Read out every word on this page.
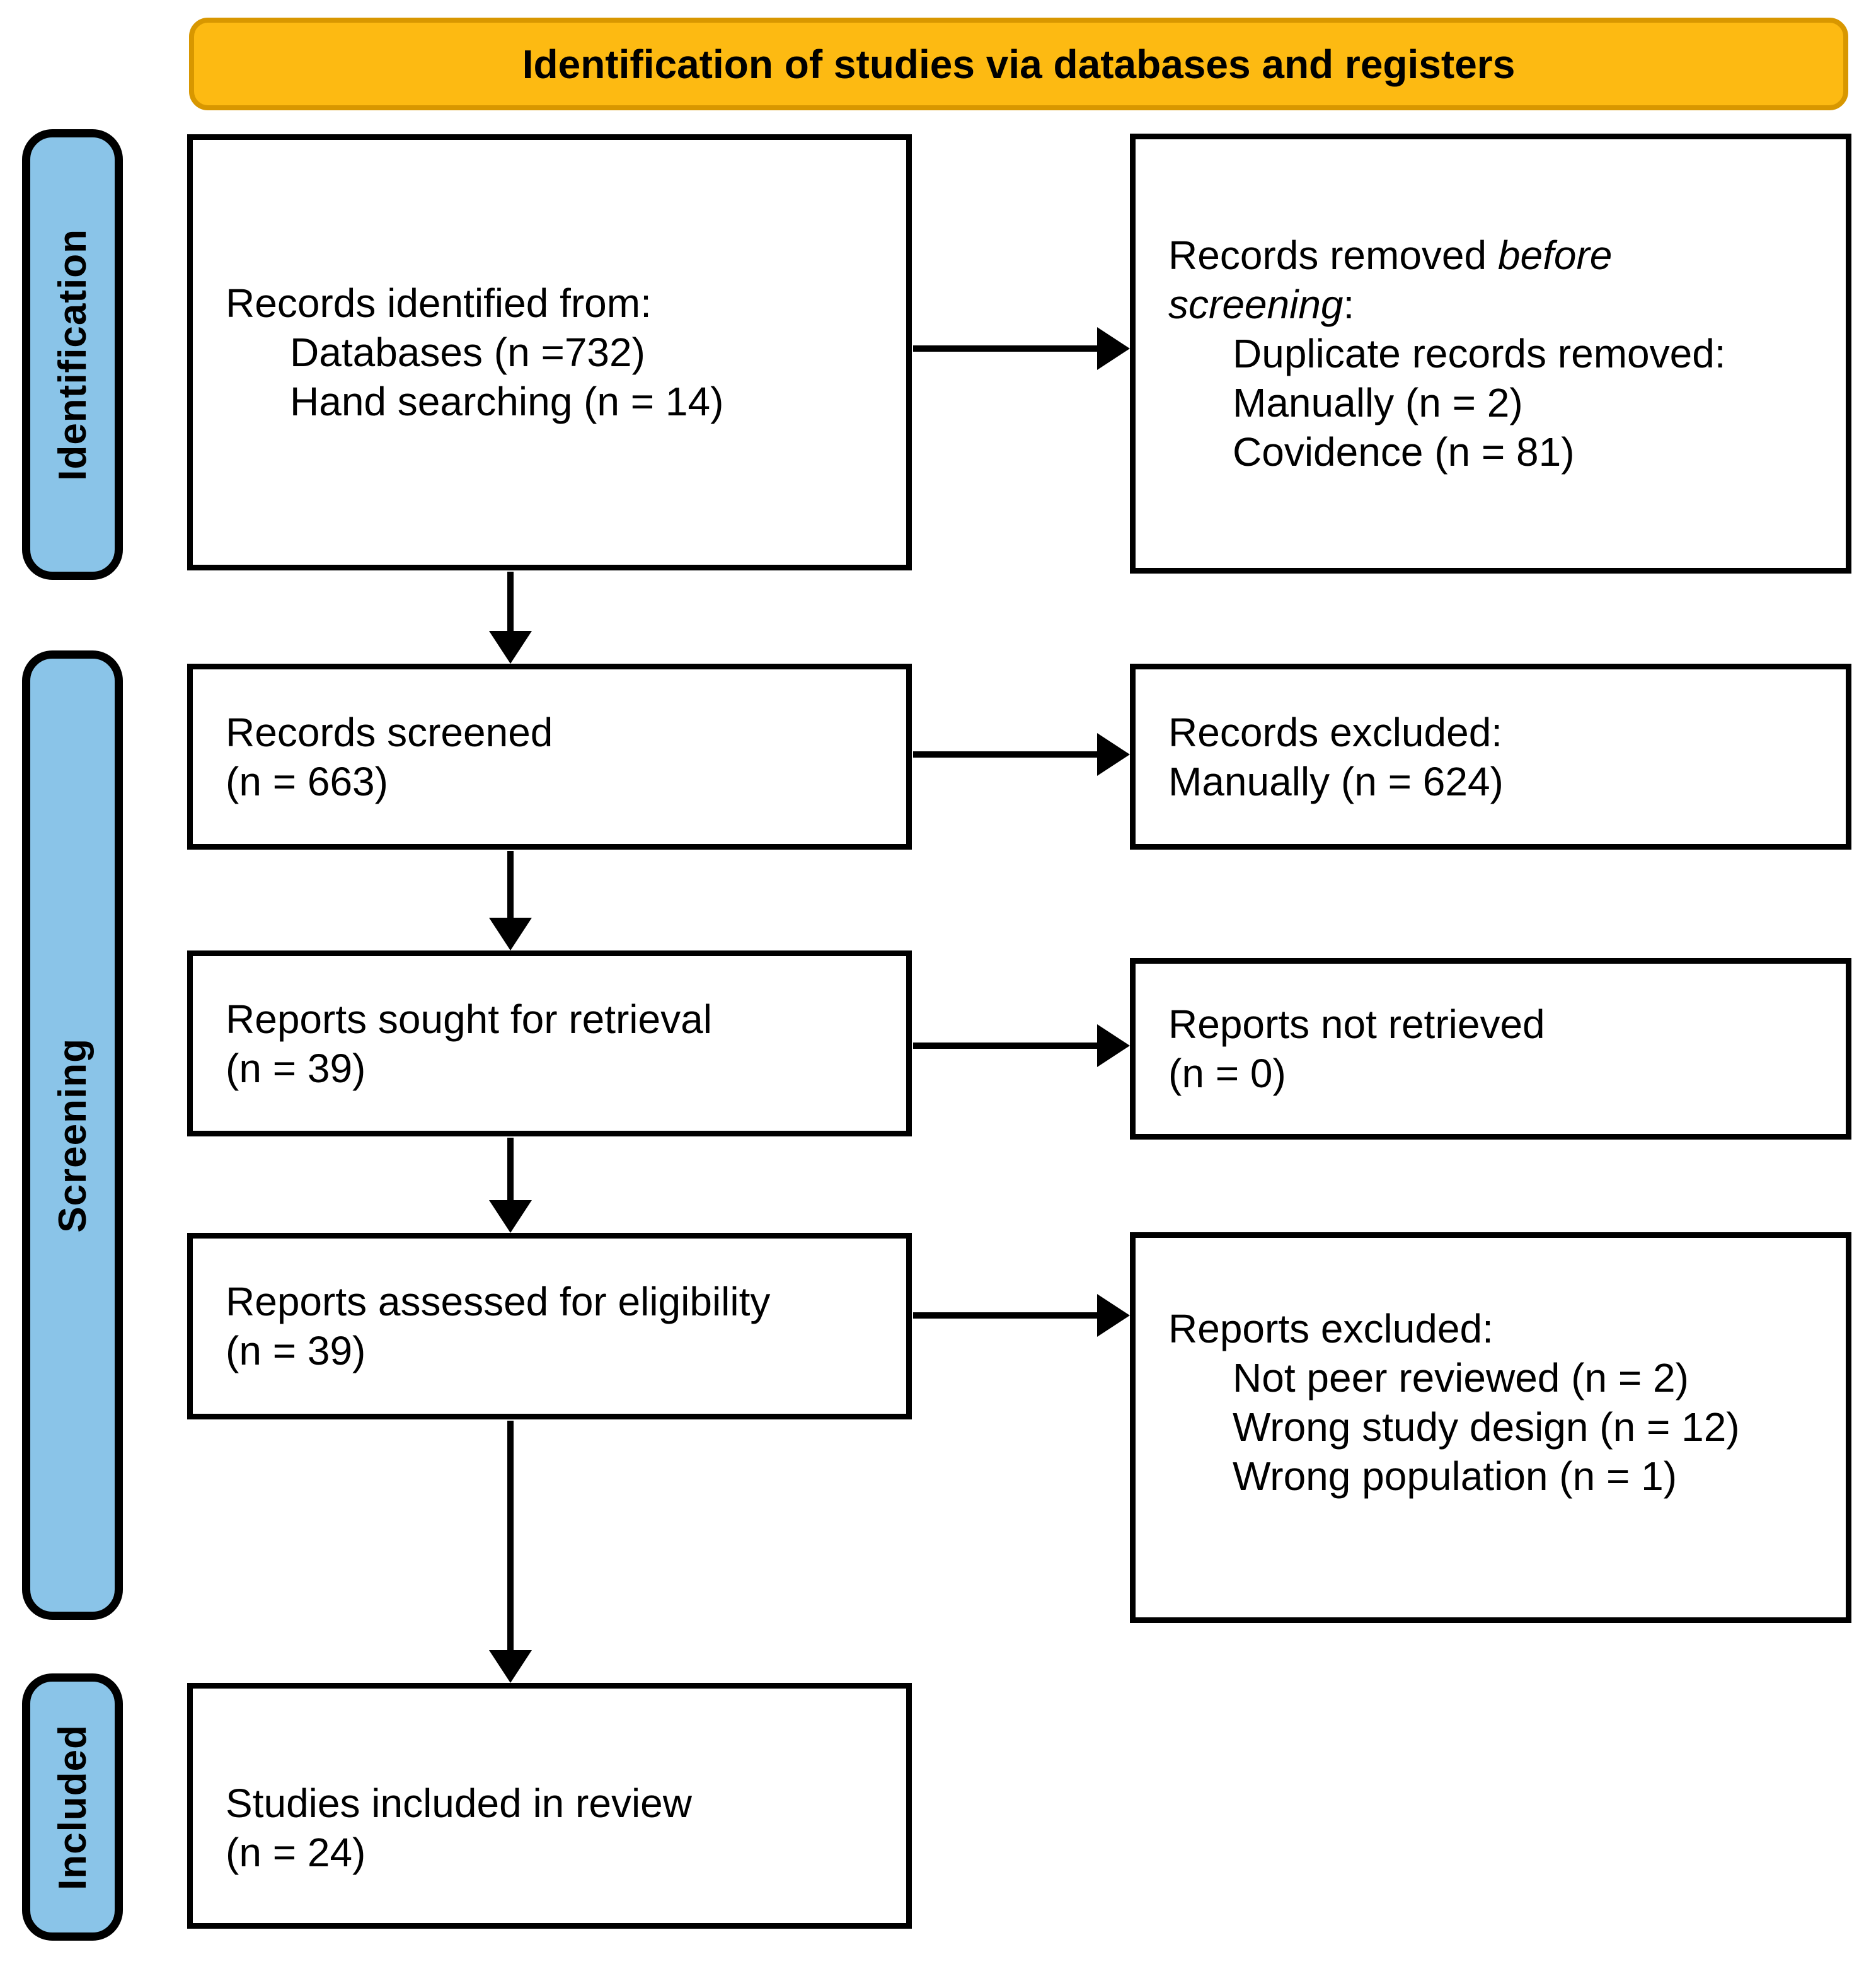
Identification of studies via databases and registers
Identification
Screening
Included
Records identified from:
Databases (n =732)
Hand searching (n = 14)
Records removed before
screening:
Duplicate records removed:
Manually (n = 2)
Covidence (n = 81)
Records screened
(n = 663)
Records excluded:
Manually (n = 624)
Reports sought for retrieval
(n = 39)
Reports not retrieved
(n = 0)
Reports assessed for eligibility
(n = 39)	Reports excluded:
Not peer reviewed (n = 2)
Wrong study design (n = 12)
Wrong population (n = 1)
Studies included in review
(n = 24)
